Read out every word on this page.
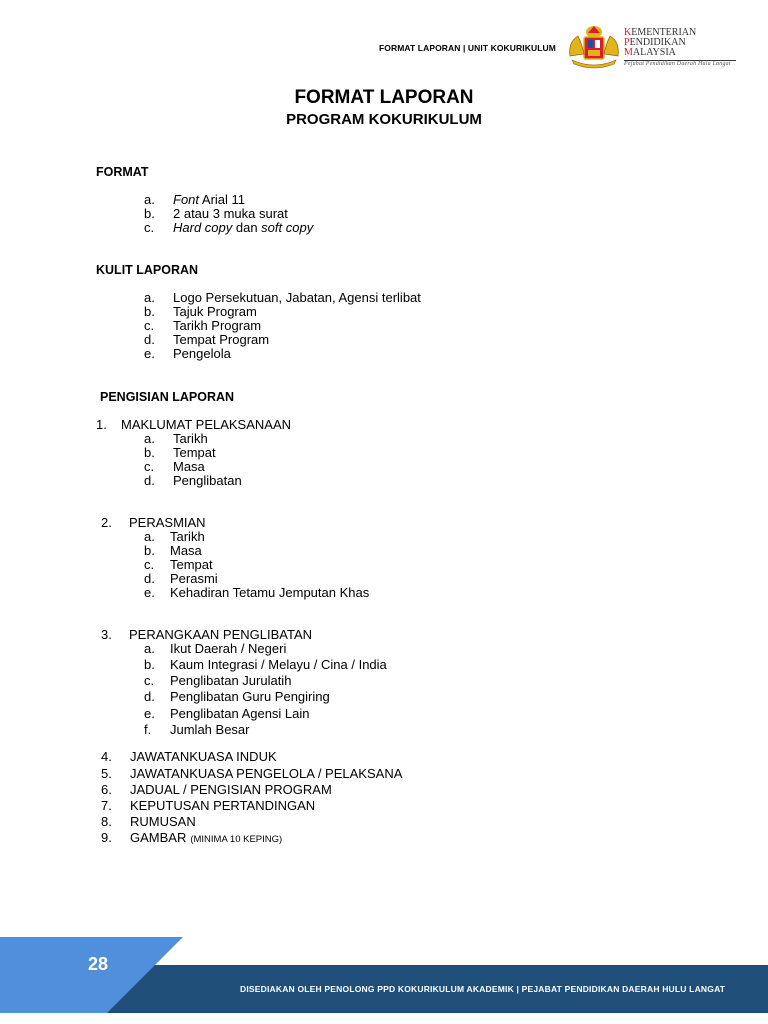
FORMAT LAPORAN | UNIT KOKURIKULUM
KEMENTERIAN
PENDIDIKAN
MALAYSIA
Pejabat Pendidikan Daerah Hulu Langat
FORMAT LAPORAN
PROGRAM KOKURIKULUM
FORMAT
a. Font Arial 11
b. 2 atau 3 muka surat
c. Hard copy dan soft copy
KULIT LAPORAN
a. Logo Persekutuan, Jabatan, Agensi terlibat
b. Tajuk Program
c. Tarikh Program
d. Tempat Program
e. Pengelola
PENGISIAN LAPORAN
1. MAKLUMAT PELAKSANAAN
a. Tarikh
b. Tempat
c. Masa
d. Penglibatan
2. PERASMIAN
a. Tarikh
b. Masa
c. Tempat
d. Perasmi
e. Kehadiran Tetamu Jemputan Khas
3. PERANGKAAN PENGLIBATAN
a. Ikut Daerah / Negeri
b. Kaum Integrasi / Melayu / Cina / India
c. Penglibatan Jurulatih
d. Penglibatan Guru Pengiring
e. Penglibatan Agensi Lain
f. Jumlah Besar
4. JAWATANKUASA INDUK
5. JAWATANKUASA PENGELOLA / PELAKSANA
6. JADUAL / PENGISIAN PROGRAM
7. KEPUTUSAN PERTANDINGAN
8. RUMUSAN
9. GAMBAR (MINIMA 10 KEPING)
28
DISEDIAKAN OLEH PENOLONG PPD KOKURIKULUM AKADEMIK | PEJABAT PENDIDIKAN DAERAH HULU LANGAT
